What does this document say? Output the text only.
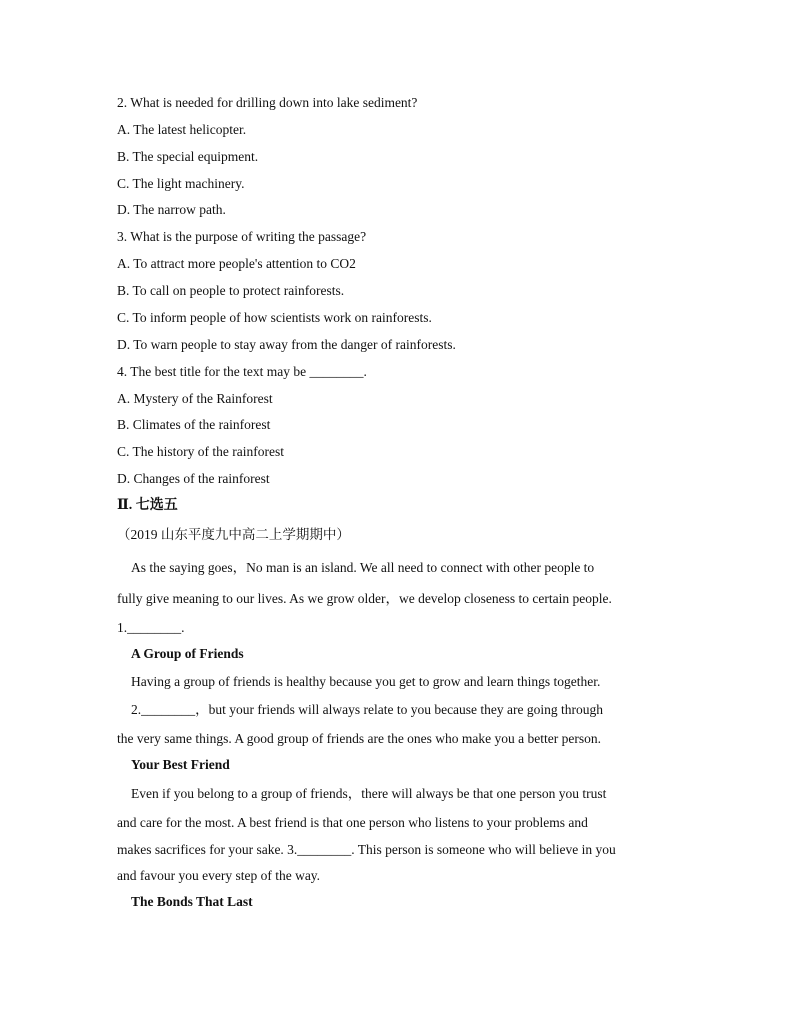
2. What is needed for drilling down into lake sediment?
A. The latest helicopter.
B. The special equipment.
C. The light machinery.
D. The narrow path.
3. What is the purpose of writing the passage?
A. To attract more people's attention to CO2
B. To call on people to protect rainforests.
C. To inform people of how scientists work on rainforests.
D. To warn people to stay away from the danger of rainforests.
4. The best title for the text may be ________.
A. Mystery of the Rainforest
B. Climates of the rainforest
C. The history of the rainforest
D. Changes of the rainforest
Ⅱ. 七选五
（2019 山东平度九中高二上学期期中）
As the saying goes，No man is an island. We all need to connect with other people to
fully give meaning to our lives. As we grow older，we develop closeness to certain people.
1.________.
A Group of Friends
Having a group of friends is healthy because you get to grow and learn things together.
2.________，but your friends will always relate to you because they are going through
the very same things. A good group of friends are the ones who make you a better person.
Your Best Friend
Even if you belong to a group of friends，there will always be that one person you trust
and care for the most. A best friend is that one person who listens to your problems and
makes sacrifices for your sake. 3.________. This person is someone who will believe in you
and favour you every step of the way.
The Bonds That Last
